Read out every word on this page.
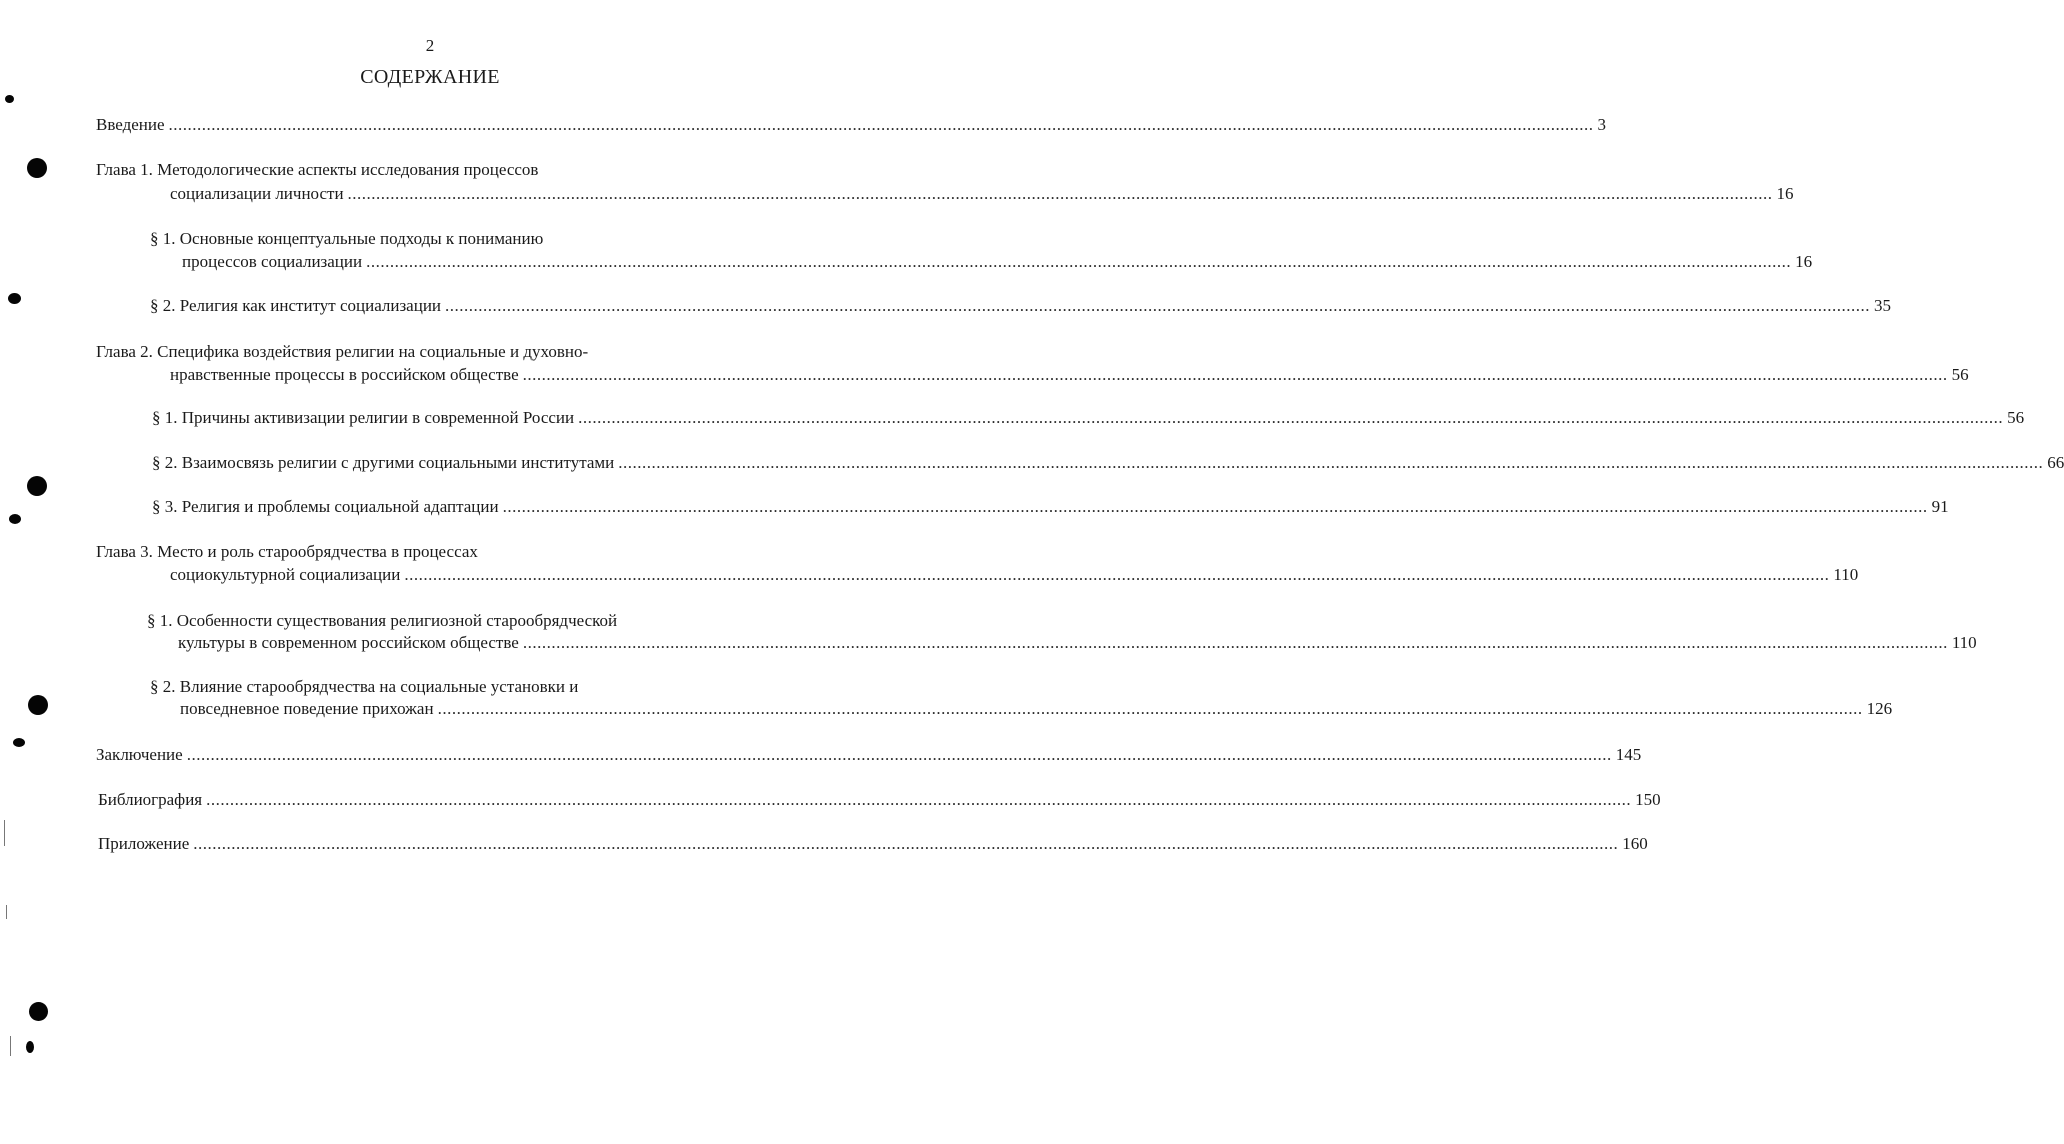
2
СОДЕРЖАНИЕ
Введение ............................................................................................................................................................................................................................................................................................................ 3
Глава 1. Методологические аспекты исследования процессов
социализации личности ............................................................................................................................................................................................................................................................................................................ 16
§ 1. Основные концептуальные подходы к пониманию
процессов социализации ............................................................................................................................................................................................................................................................................................................ 16
§ 2. Религия как институт социализации ............................................................................................................................................................................................................................................................................................................ 35
Глава 2. Специфика воздействия религии на социальные и духовно-
нравственные процессы в российском обществе ............................................................................................................................................................................................................................................................................................................ 56
§ 1. Причины активизации религии в современной России ............................................................................................................................................................................................................................................................................................................ 56
§ 2. Взаимосвязь религии с другими социальными институтами ............................................................................................................................................................................................................................................................................................................ 66
§ 3. Религия и проблемы социальной адаптации ............................................................................................................................................................................................................................................................................................................ 91
Глава 3. Место и роль старообрядчества в процессах
социокультурной социализации ............................................................................................................................................................................................................................................................................................................ 110
§ 1. Особенности существования религиозной старообрядческой
культуры в современном российском обществе ............................................................................................................................................................................................................................................................................................................ 110
§ 2. Влияние старообрядчества на социальные установки и
повседневное поведение прихожан ............................................................................................................................................................................................................................................................................................................ 126
Заключение ............................................................................................................................................................................................................................................................................................................ 145
Библиография ............................................................................................................................................................................................................................................................................................................ 150
Приложение ............................................................................................................................................................................................................................................................................................................ 160
